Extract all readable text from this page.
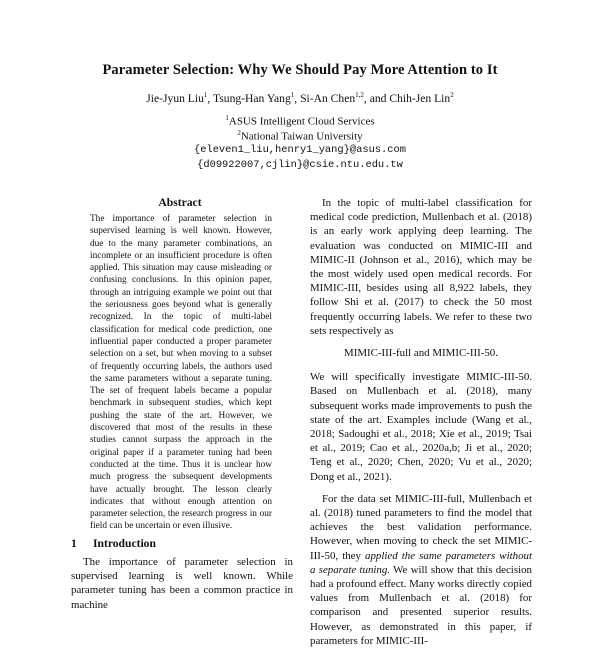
Parameter Selection: Why We Should Pay More Attention to It
Jie-Jyun Liu$^1$, Tsung-Han Yang$^1$, Si-An Chen$^{1,2}$, and Chih-Jen Lin$^2$
$^1$ASUS Intelligent Cloud Services
$^2$National Taiwan University
{eleven1_liu,henry1_yang}@asus.com
{d09922007,cjlin}@csie.ntu.edu.tw
Abstract
The importance of parameter selection in supervised learning is well known. However, due to the many parameter combinations, an incomplete or an insufficient procedure is often applied. This situation may cause misleading or confusing conclusions. In this opinion paper, through an intriguing example we point out that the seriousness goes beyond what is generally recognized. In the topic of multi-label classification for medical code prediction, one influential paper conducted a proper parameter selection on a set, but when moving to a subset of frequently occurring labels, the authors used the same parameters without a separate tuning. The set of frequent labels became a popular benchmark in subsequent studies, which kept pushing the state of the art. However, we discovered that most of the results in these studies cannot surpass the approach in the original paper if a parameter tuning had been conducted at the time. Thus it is unclear how much progress the subsequent developments have actually brought. The lesson clearly indicates that without enough attention on parameter selection, the research progress in our field can be uncertain or even illusive.
1 Introduction
The importance of parameter selection in supervised learning is well known. While parameter tuning has been a common practice in machine

In the topic of multi-label classification for medical code prediction, Mullenbach et al. (2018) is an early work applying deep learning. The evaluation was conducted on MIMIC-III and MIMIC-II (Johnson et al., 2016), which may be the most widely used open medical records. For MIMIC-III, besides using all 8,922 labels, they follow Shi et al. (2017) to check the 50 most frequently occurring labels. We refer to these two sets respectively as

MIMIC-III-full and MIMIC-III-50.

We will specifically investigate MIMIC-III-50. Based on Mullenbach et al. (2018), many subsequent works made improvements to push the state of the art. Examples include (Wang et al., 2018; Sadoughi et al., 2018; Xie et al., 2019; Tsai et al., 2019; Cao et al., 2020a,b; Ji et al., 2020; Teng et al., 2020; Chen, 2020; Vu et al., 2020; Dong et al., 2021).

For the data set MIMIC-III-full, Mullenbach et al. (2018) tuned parameters to find the model that achieves the best validation performance. However, when moving to check the set MIMIC-III-50, they applied the same parameters without a separate tuning. We will show that this decision had a profound effect. Many works directly copied values from Mullenbach et al. (2018) for comparison and presented superior results. However, as demonstrated in this paper, if parameters for MIMIC-III-
